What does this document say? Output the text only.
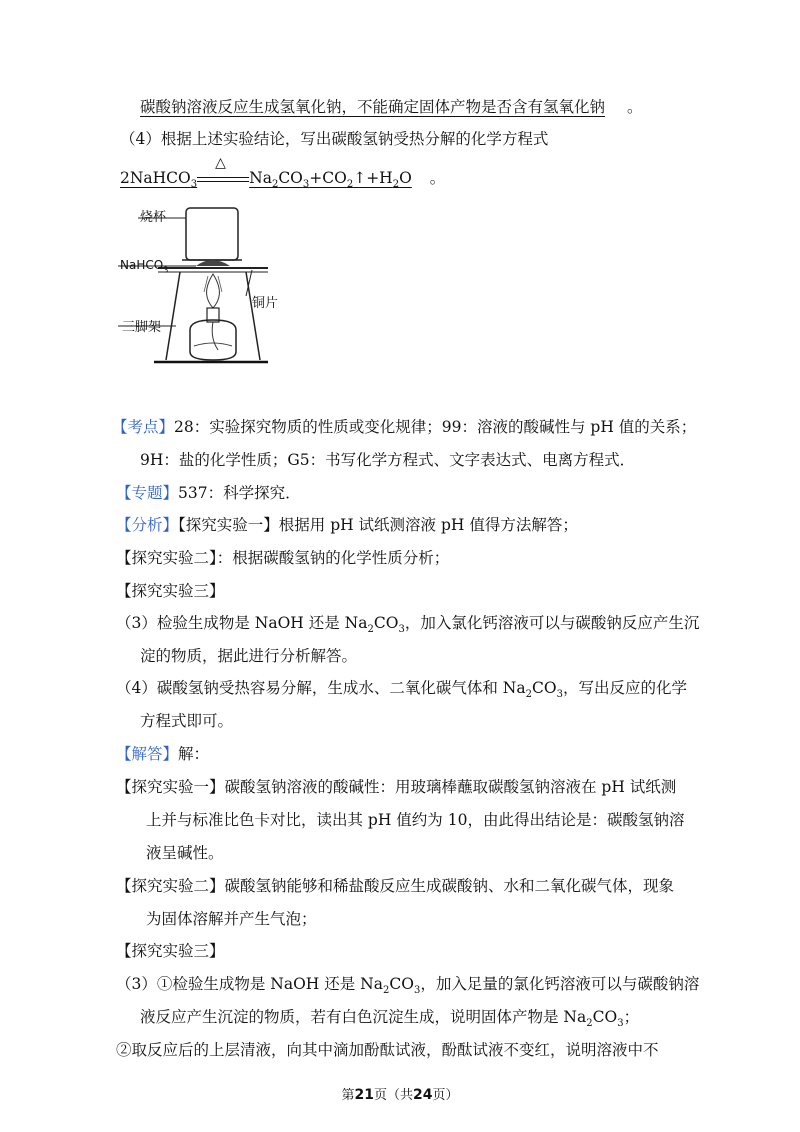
碳酸钠溶液反应生成氢氧化钠，不能确定固体产物是否含有氢氧化钠 。
（4）根据上述实验结论，写出碳酸氢钠受热分解的化学方程式
2NaHCO$_3$
△
$Na_2CO_3+CO_2↑+H_2O$ 。
烧杯
NaHCO$_3$
铜片
三脚架
【考点】28：实验探究物质的性质或变化规律；99：溶液的酸碱性与 pH 值的关系；
9H：盐的化学性质；G5：书写化学方程式、文字表达式、电离方程式．
【专题】537：科学探究．
【分析】【探究实验一】根据用 pH 试纸测溶液 pH 值得方法解答；
【探究实验二】：根据碳酸氢钠的化学性质分析；
【探究实验三】
（3）检验生成物是 NaOH 还是 $Na_2CO_3$，加入氯化钙溶液可以与碳酸钠反应产生沉
淀的物质，据此进行分析解答。
（4）碳酸氢钠受热容易分解，生成水、二氧化碳气体和 $Na_2CO_3$，写出反应的化学
方程式即可。
【解答】解：
【探究实验一】碳酸氢钠溶液的酸碱性：用玻璃棒蘸取碳酸氢钠溶液在 pH 试纸测
上并与标准比色卡对比，读出其 pH 值约为 10，由此得出结论是：碳酸氢钠溶
液呈碱性。
【探究实验二】碳酸氢钠能够和稀盐酸反应生成碳酸钠、水和二氧化碳气体，现象
为固体溶解并产生气泡；
【探究实验三】
（3）①检验生成物是 NaOH 还是 $Na_2CO_3$，加入足量的氯化钙溶液可以与碳酸钠溶
液反应产生沉淀的物质，若有白色沉淀生成，说明固体产物是 $Na_2CO_3$；
②取反应后的上层清液，向其中滴加酚酞试液，酚酞试液不变红，说明溶液中不
第21页（共24页）
